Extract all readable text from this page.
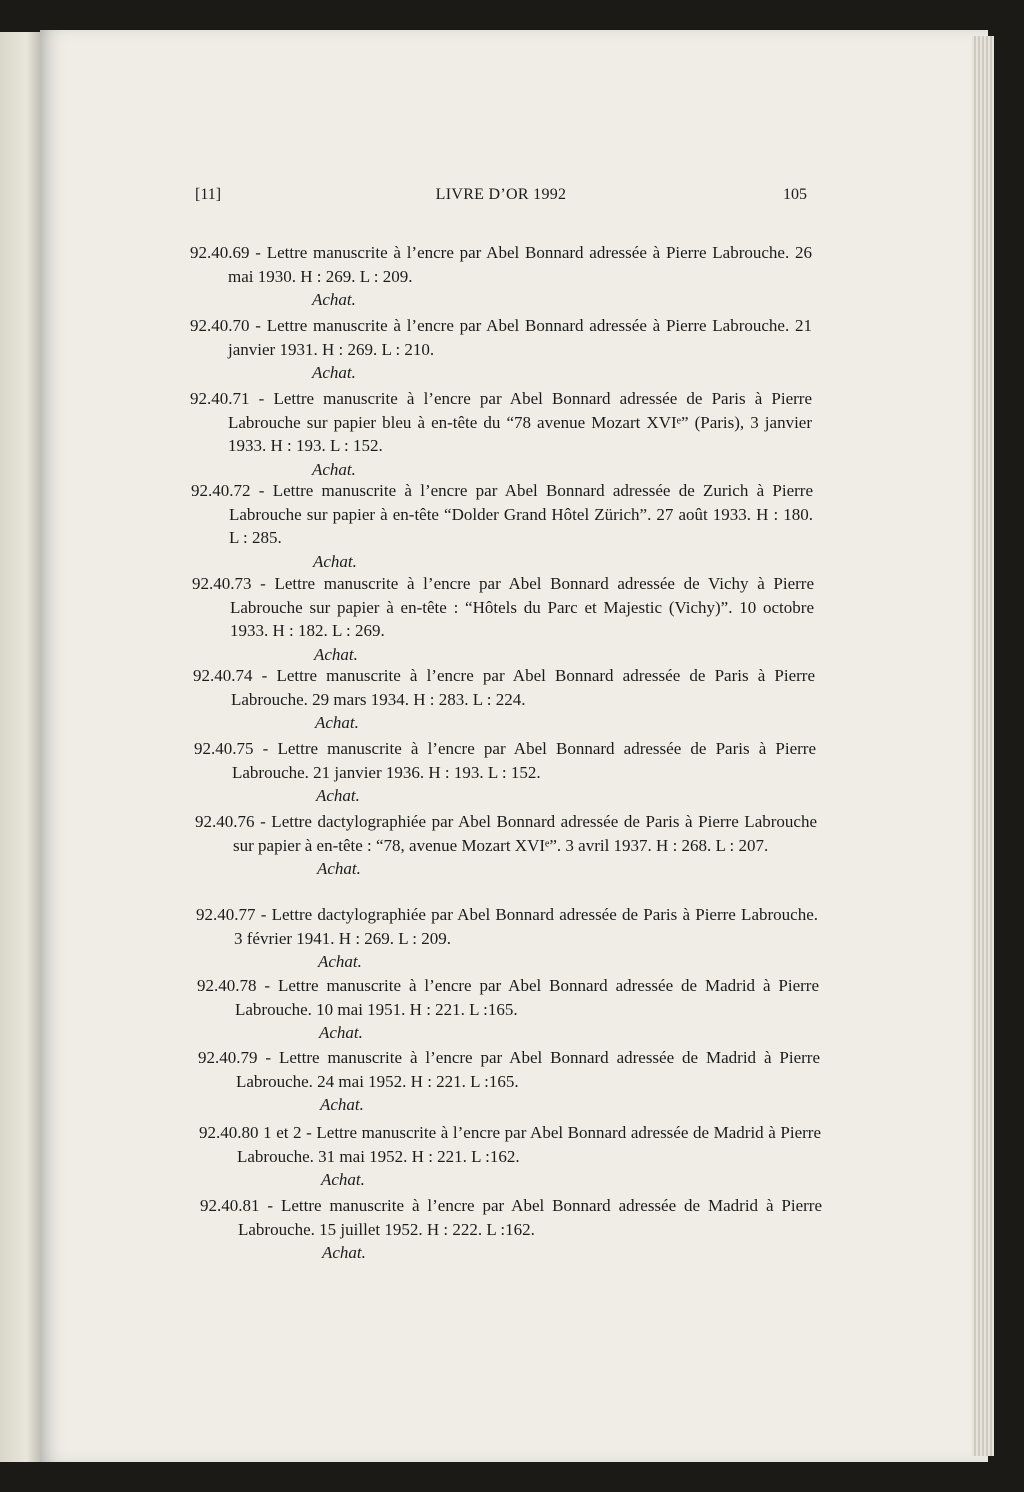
[11]	LIVRE D’OR 1992	105
92.40.69 - Lettre manuscrite à l’encre par Abel Bonnard adressée à Pierre Labrouche. 26 mai 1930. H : 269. L : 209.
Achat.
92.40.70 - Lettre manuscrite à l’encre par Abel Bonnard adressée à Pierre Labrouche. 21 janvier 1931. H : 269. L : 210.
Achat.
92.40.71 - Lettre manuscrite à l’encre par Abel Bonnard adressée de Paris à Pierre Labrouche sur papier bleu à en-tête du “78 avenue Mozart XVIᵉ” (Paris), 3 janvier 1933. H : 193. L : 152.
Achat.
92.40.72 - Lettre manuscrite à l’encre par Abel Bonnard adressée de Zurich à Pierre Labrouche sur papier à en-tête “Dolder Grand Hôtel Zürich”. 27 août 1933. H : 180. L : 285.
Achat.
92.40.73 - Lettre manuscrite à l’encre par Abel Bonnard adressée de Vichy à Pierre Labrouche sur papier à en-tête : “Hôtels du Parc et Majestic (Vichy)”. 10 octobre 1933. H : 182. L : 269.
Achat.
92.40.74 - Lettre manuscrite à l’encre par Abel Bonnard adressée de Paris à Pierre Labrouche. 29 mars 1934. H : 283. L : 224.
Achat.
92.40.75 - Lettre manuscrite à l’encre par Abel Bonnard adressée de Paris à Pierre Labrouche. 21 janvier 1936. H : 193. L : 152.
Achat.
92.40.76 - Lettre dactylographiée par Abel Bonnard adressée de Paris à Pierre Labrouche sur papier à en-tête : “78, avenue Mozart XVIᵉ”. 3 avril 1937. H : 268. L : 207.
Achat.
92.40.77 - Lettre dactylographiée par Abel Bonnard adressée de Paris à Pierre Labrouche. 3 février 1941. H : 269. L : 209.
Achat.
92.40.78 - Lettre manuscrite à l’encre par Abel Bonnard adressée de Madrid à Pierre Labrouche. 10 mai 1951. H : 221. L :165.
Achat.
92.40.79 - Lettre manuscrite à l’encre par Abel Bonnard adressée de Madrid à Pierre Labrouche. 24 mai 1952. H : 221. L :165.
Achat.
92.40.80 1 et 2 - Lettre manuscrite à l’encre par Abel Bonnard adressée de Madrid à Pierre Labrouche. 31 mai 1952. H : 221. L :162.
Achat.
92.40.81 - Lettre manuscrite à l’encre par Abel Bonnard adressée de Madrid à Pierre Labrouche. 15 juillet 1952. H : 222. L :162.
Achat.
